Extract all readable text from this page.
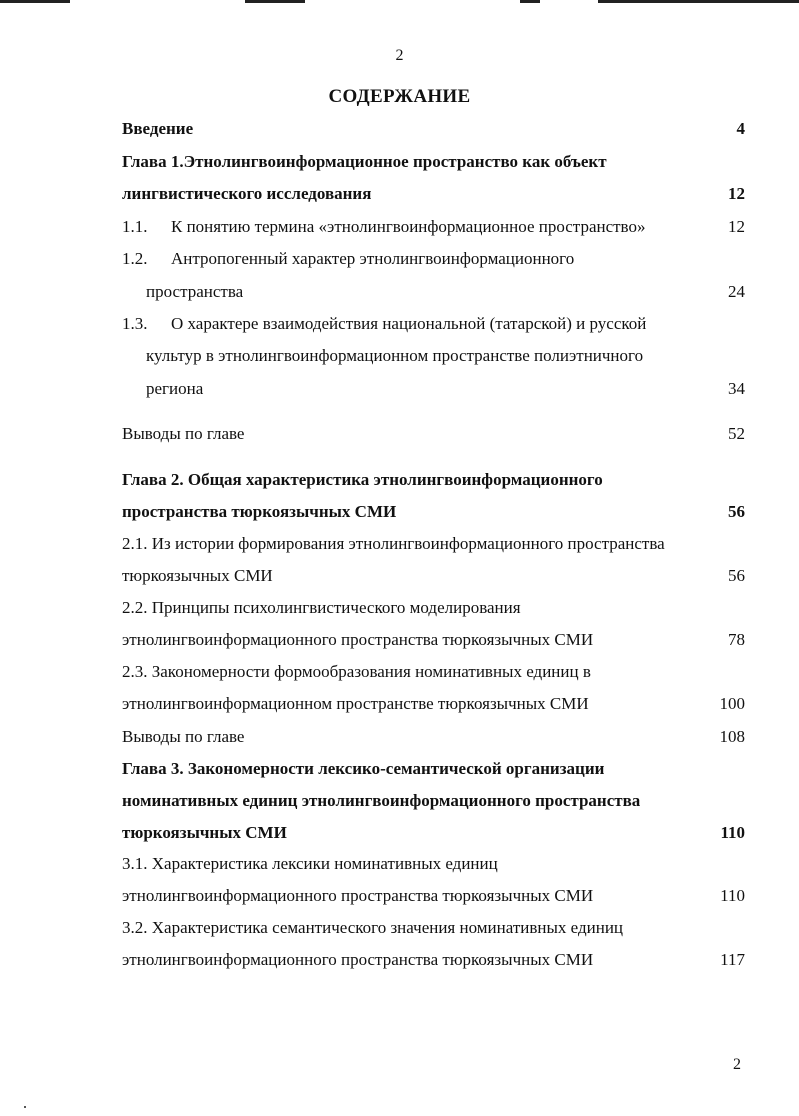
2
СОДЕРЖАНИЕ
Введение	4
Глава 1.Этнолингвоинформационное пространство как объект
лингвистического исследования	12
1.1. К понятию термина «этнолингвоинформационное пространство»	12
1.2. Антропогенный характер этнолингвоинформационного
пространства	24
1.3. О характере взаимодействия национальной (татарской) и русской
культур в этнолингвоинформационном пространстве полиэтничного
региона	34
Выводы по главе	52
Глава 2. Общая характеристика этнолингвоинформационного
пространства тюркоязычных СМИ	56
2.1. Из истории формирования этнолингвоинформационного пространства
тюркоязычных СМИ	56
2.2. Принципы психолингвистического моделирования
этнолингвоинформационного пространства тюркоязычных СМИ	78
2.3. Закономерности формообразования номинативных единиц в
этнолингвоинформационном пространстве тюркоязычных СМИ	100
Выводы по главе	108
Глава 3. Закономерности лексико-семантической организации
номинативных единиц этнолингвоинформационного пространства
тюркоязычных СМИ	110
3.1. Характеристика лексики номинативных единиц
этнолингвоинформационного пространства тюркоязычных СМИ	110
3.2. Характеристика семантического значения номинативных единиц
этнолингвоинформационного пространства тюркоязычных СМИ	117
2
